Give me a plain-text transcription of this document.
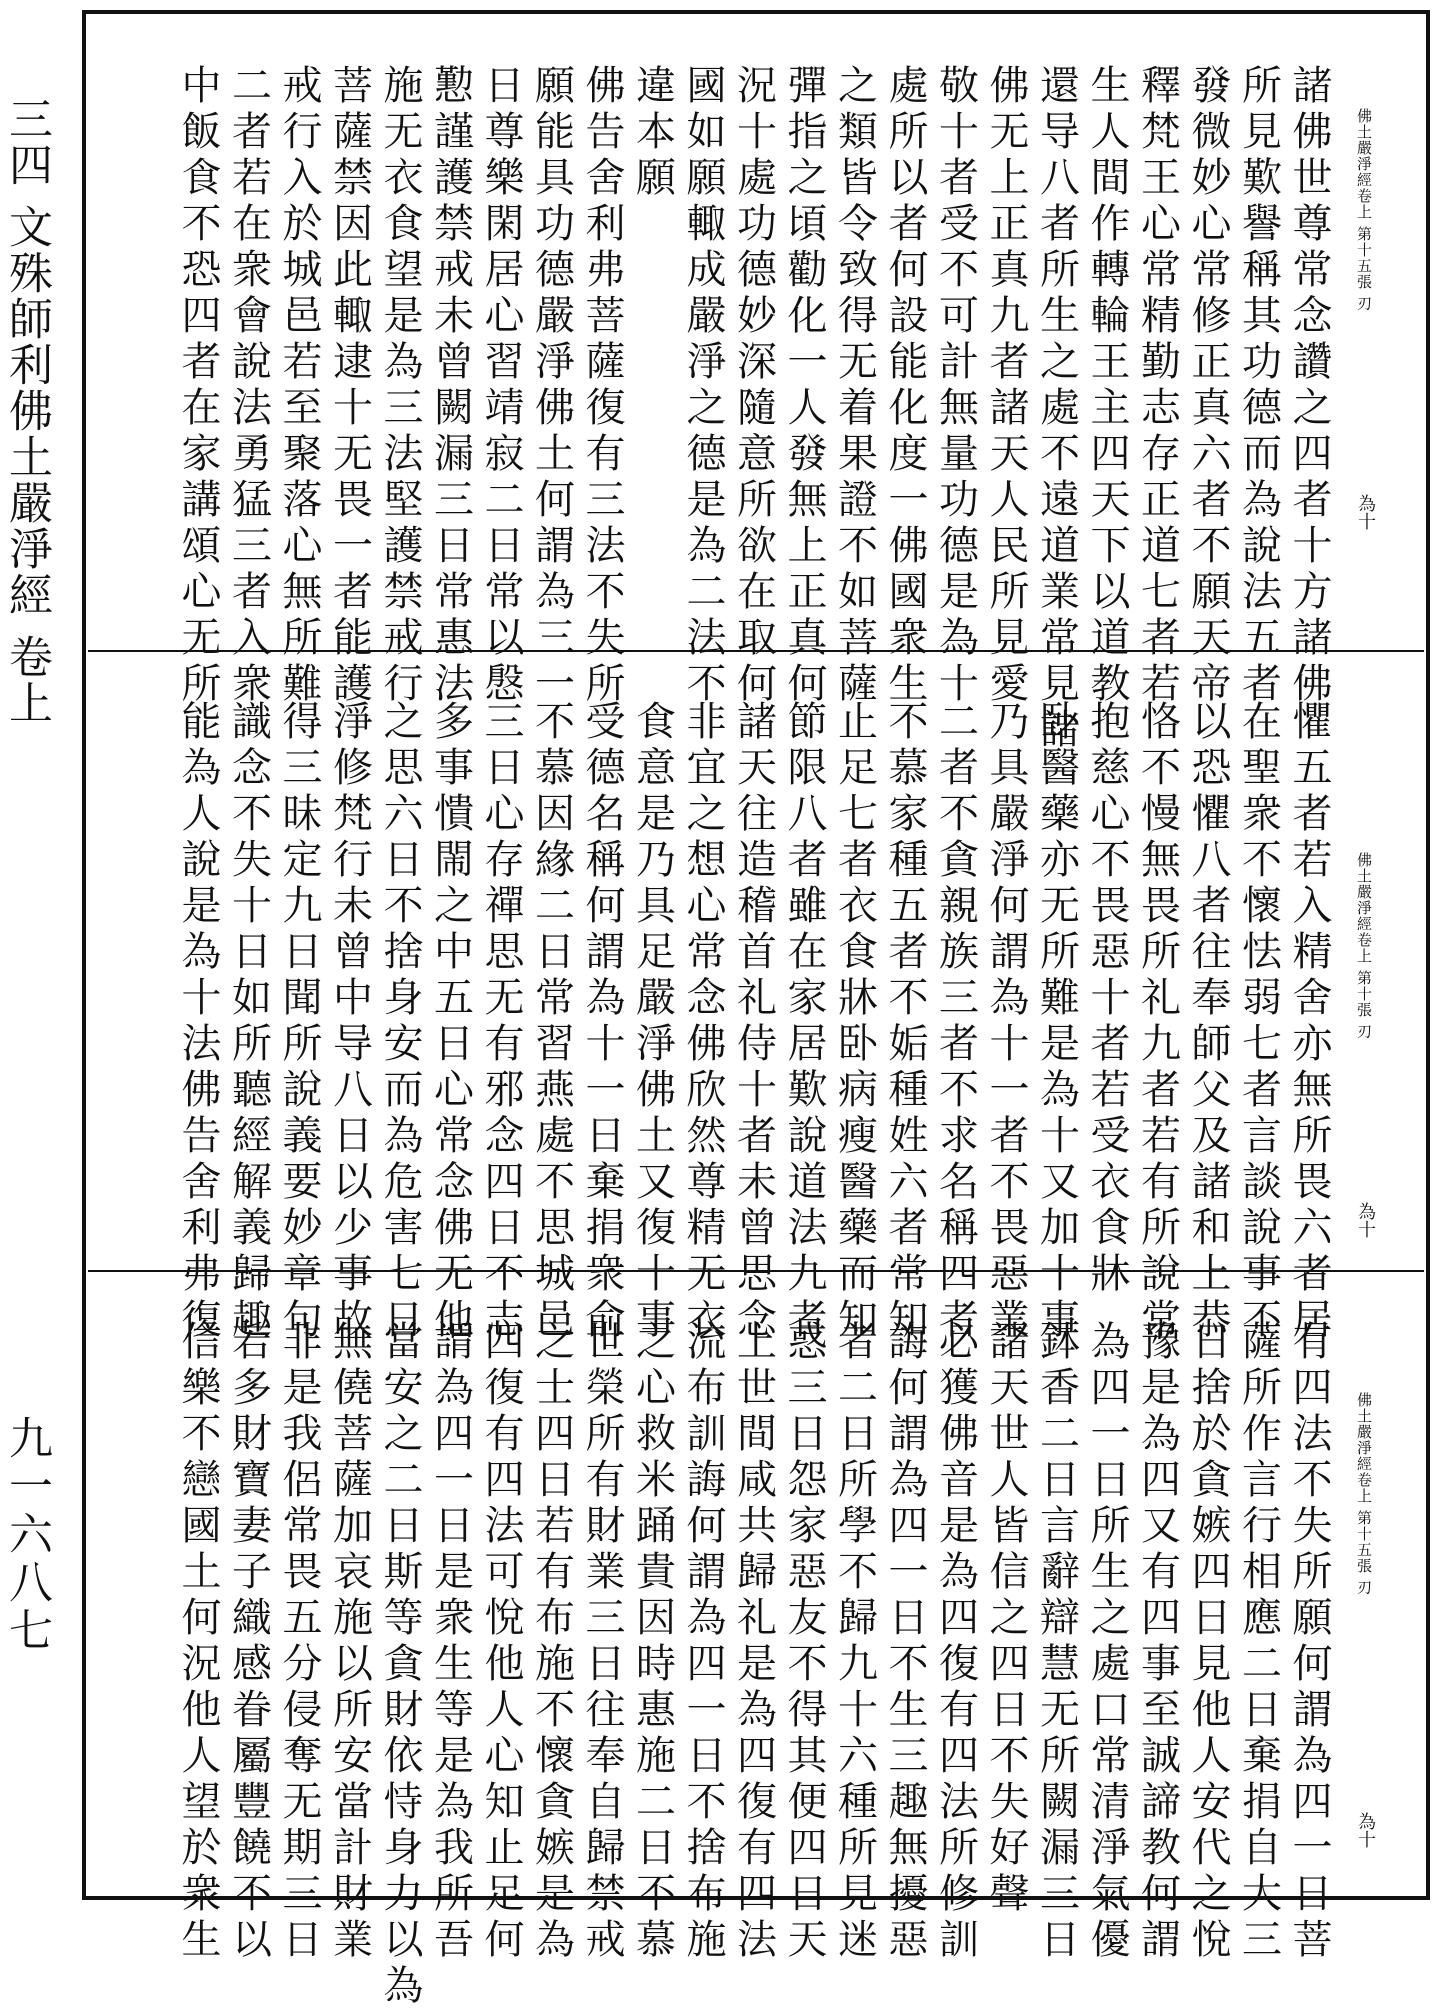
三四 文殊師利佛土嚴淨經 卷上
九一六八七
佛土嚴淨經卷上 第十五張 刃
為十
諸佛世尊常念讚之四者十方諸佛
所見歎譽稱其功德而為說法五者
發微妙心常修正真六者不願天帝
釋梵王心常精勤志存正道七者若
生人間作轉輪王主四天下以道教
還导八者所生之處不遠道業常見諸
佛无上正真九者諸天人民所見愛
敬十者受不可計無量功德是為十
處所以者何設能化度一佛國衆生
之類皆令致得无着果證不如菩薩
彈指之頃勸化一人發無上正真何
況十處功德妙深隨意所欲在取何
國如願輙成嚴淨之德是為二法不
違本願
佛告舍利弗菩薩復有三法不失所
願能具功德嚴淨佛土何謂為三一
日尊樂閑居心習靖寂二日常以慇
懃謹護禁戒未曾闕漏三日常惠法
施无衣食望是為三法堅護禁戒行
菩薩禁因此輙逮十无畏一者能護
戒行入於城邑若至聚落心無所難
二者若在衆會說法勇猛三者入衆
中飯食不恐四者在家講頌心无所
佛土嚴淨經卷上 第十張 刃
為十
懼五者若入精舍亦無所畏六者居
在聖衆不懷怯弱七者言談說事不
以恐懼八者往奉師父及諸和上恭
恪不慢無畏所礼九者若有所說常
抱慈心不畏惡十者若受衣食牀
卧醫藥亦无所難是為十又加十事
乃具嚴淨何謂為十一者不畏惡業
二者不貪親族三者不求名稱四者
不慕家種五者不姤種姓六者常知
止足七者衣食牀卧病瘦醫藥而知
節限八者雖在家居歎說道法九者
諸天往造稽首礼侍十者未曾思念
非宜之想心常念佛欣然尊精无衣
食意是乃具足嚴淨佛土又復十事
受德名稱何謂為十一日棄捐衆俞
不慕因緣二日常習燕處不思城邑
三日心存禪思无有邪念四日不志
多事憒閙之中五日心常念佛无他
之思六日不捨身安而為危害七日
淨修梵行未曾中导八日以少事故
得三昧定九日聞所說義要妙章句
識念不失十日如所聽經解義歸趣
能為人說是為十法佛告舍利弗復
佛土嚴淨經卷上 第十五張 刃
為十
有四法不失所願何謂為四一日菩
薩所作言行相應二日棄捐自大三
日捨於貪嫉四日見他人安代之悅
豫是為四又有四事至誠諦教何謂
為四一日所生之處口常清淨氣優
鉢香二日言辭辯慧无所闕漏三日
諸天世人皆信之四日不失好聲
必獲佛音是為四復有四法所修訓
誨何謂為四一日不生三趣無擾惡
者二日所學不歸九十六種所見迷
惑三日怨家惡友不得其便四日天
上世間咸共歸礼是為四復有四法
流布訓誨何謂為四一日不捨布施
之心救米踊貴因時惠施二日不慕
世榮所有財業三日往奉自歸禁戒
之士四日若有布施不懷貪嫉是為
四復有四法可悅他人心知止足何
謂為四一日是衆生等是為我所吾
當安之二日斯等貪財依恃身力以為
無僥菩薩加哀施以所安當計財業
非是我侶常畏五分侵奪无期三日
若多財寶妻子織感眷屬豐饒不以
信樂不戀國土何況他人望於衆生
